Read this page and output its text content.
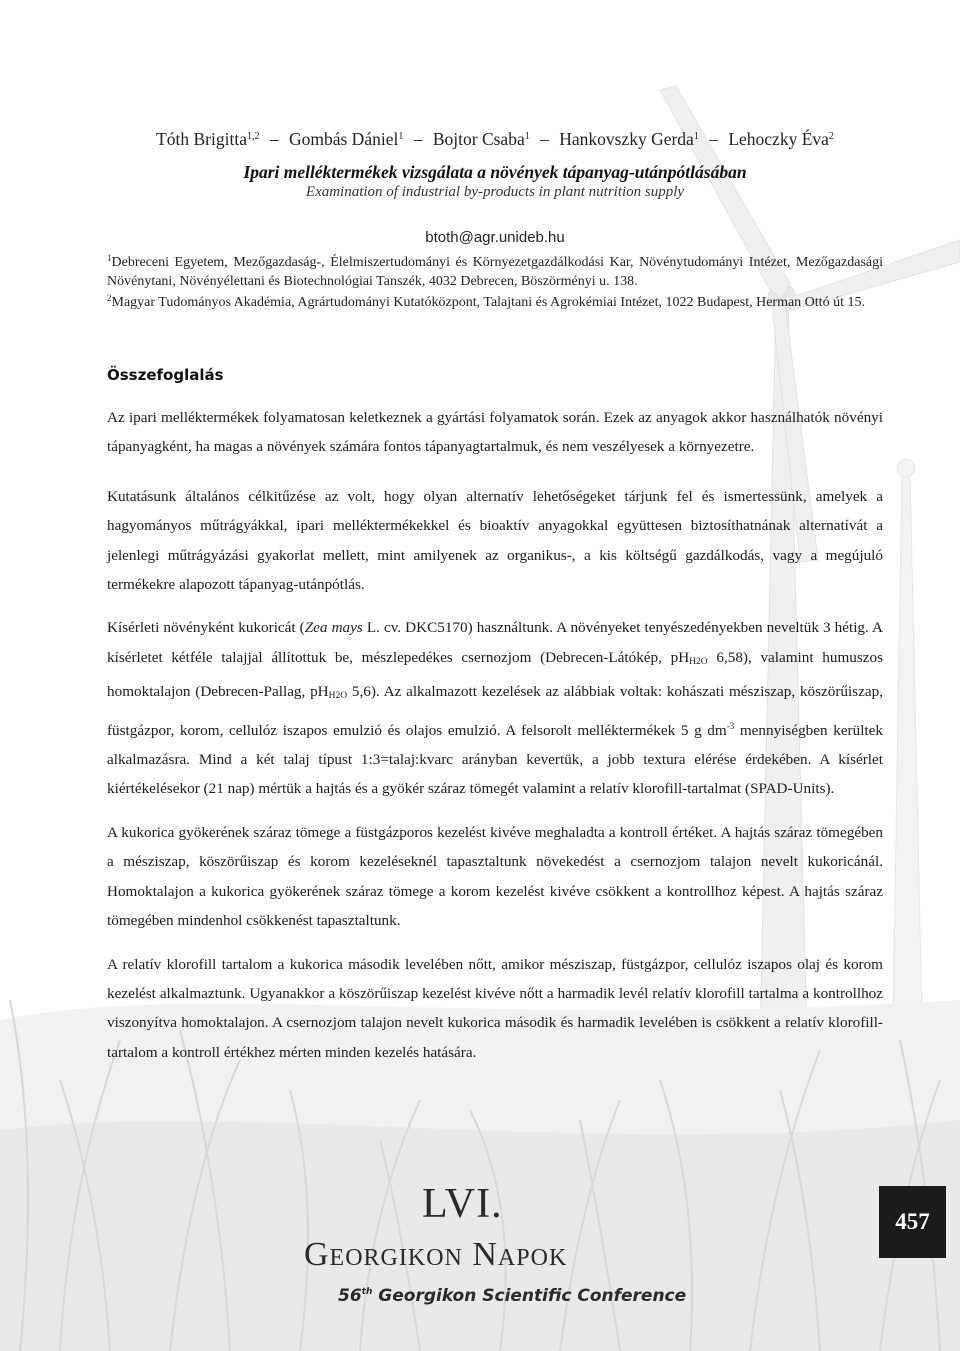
Tóth Brigitta$^{1,2}$ – Gombás Dániel$^1$ – Bojtor Csaba$^1$ – Hankovszky Gerda$^1$ – Lehoczky Éva$^2$
Ipari melléktermékek vizsgálata a növények tápanyag-utánpótlásában
Examination of industrial by-products in plant nutrition supply
btoth@agr.unideb.hu
$^1$Debreceni Egyetem, Mezőgazdaság-, Élelmiszertudományi és Környezetgazdálkodási Kar, Növénytudományi Intézet, Mezőgazdasági Növénytani, Növényélettani és Biotechnológiai Tanszék, 4032 Debrecen, Böszörményi u. 138.
$^2$Magyar Tudományos Akadémia, Agrártudományi Kutatóközpont, Talajtani és Agrokémiai Intézet, 1022 Budapest, Herman Ottó út 15.
Összefoglalás

Az ipari melléktermékek folyamatosan keletkeznek a gyártási folyamatok során. Ezek az anyagok akkor használhatók növényi tápanyagként, ha magas a növények számára fontos tápanyagtartalmuk, és nem veszélyesek a környezetre.

Kutatásunk általános célkitűzése az volt, hogy olyan alternatív lehetőségeket tárjunk fel és ismertessünk, amelyek a hagyományos műtrágyákkal, ipari melléktermékekkel és bioaktív anyagokkal együttesen biztosíthatnának alternatívát a jelenlegi műtrágyázási gyakorlat mellett, mint amilyenek az organikus-, a kis költségű gazdálkodás, vagy a megújuló termékekre alapozott tápanyag-utánpótlás.

Kísérleti növényként kukoricát (Zea mays L. cv. DKC5170) használtunk. A növényeket tenyészedényekben neveltük 3 hétig. A kísérletet kétféle talajjal állítottuk be, mészlepedékes csernozjom (Debrecen-Látókép, $pH_{H2O}$ 6,58), valamint humuszos homoktalajon (Debrecen-Pallag, $pH_{H2O}$ 5,6). Az alkalmazott kezelések az alábbiak voltak: kohászati mésziszap, köszörűiszap, füstgázpor, korom, cellulóz iszapos emulzió és olajos emulzió. A felsorolt melléktermékek 5 g $dm^{-3}$ mennyiségben kerültek alkalmazásra. Mind a két talaj típust 1:3=talaj:kvarc arányban kevertük, a jobb textura elérése érdekében. A kísérlet kiértékelésekor (21 nap) mértük a hajtás és a gyökér száraz tömegét valamint a relatív klorofill-tartalmat (SPAD-Units).

A kukorica gyökerének száraz tömege a füstgázporos kezelést kivéve meghaladta a kontroll értéket. A hajtás száraz tömegében a mésziszap, köszörűiszap és korom kezeléseknél tapasztaltunk növekedést a csernozjom talajon nevelt kukoricánál. Homoktalajon a kukorica gyökerének száraz tömege a korom kezelést kivéve csökkent a kontrollhoz képest. A hajtás száraz tömegében mindenhol csökkenést tapasztaltunk.

A relatív klorofill tartalom a kukorica második levelében nőtt, amikor mésziszap, füstgázpor, cellulóz iszapos olaj és korom kezelést alkalmaztunk. Ugyanakkor a köszörűiszap kezelést kivéve nőtt a harmadik levél relatív klorofill tartalma a kontrollhoz viszonyítva homoktalajon. A csernozjom talajon nevelt kukorica második és harmadik levelében is csökkent a relatív klorofill-tartalom a kontroll értékhez mérten minden kezelés hatására.

LVI.
Georgikon Napok
56th Georgikon Scientific Conference
457
